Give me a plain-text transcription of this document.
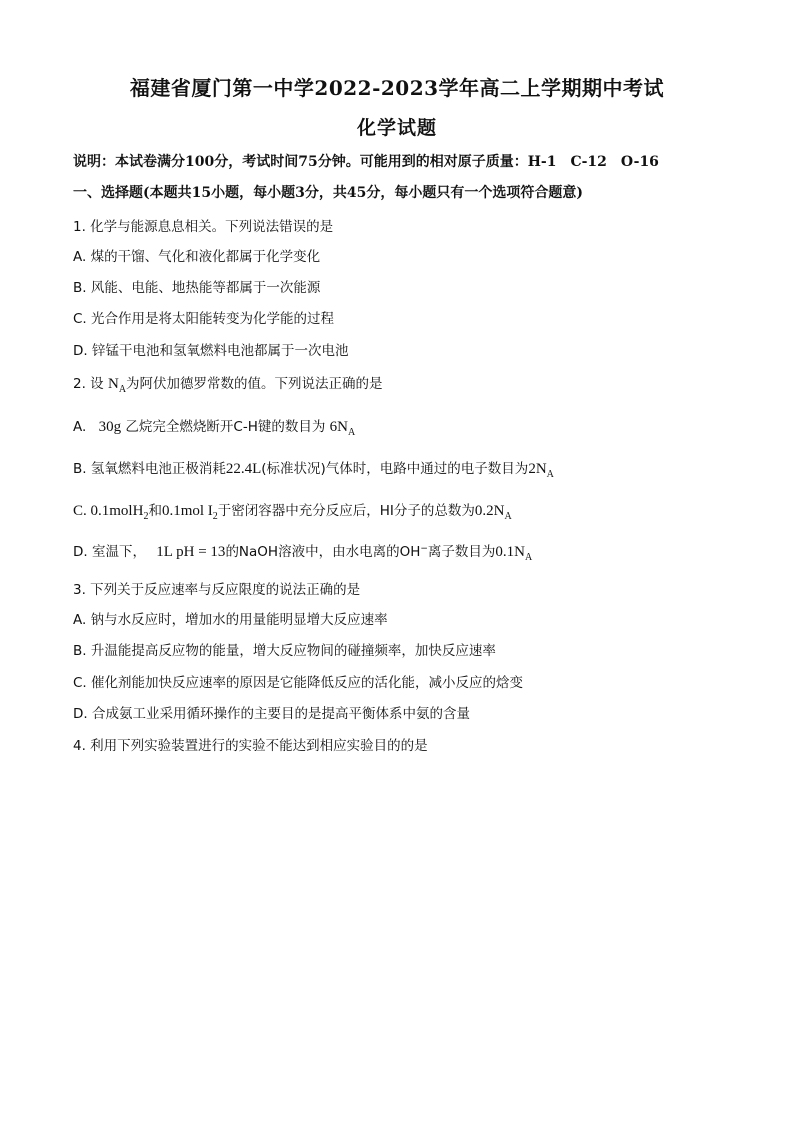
福建省厦门第一中学2022-2023学年高二上学期期中考试
化学试题
说明：本试卷满分100分，考试时间75分钟。可能用到的相对原子质量：H-1　C-12　O-16
一、选择题(本题共15小题，每小题3分，共45分，每小题只有一个选项符合题意)
1. 化学与能源息息相关。下列说法错误的是
A. 煤的干馏、气化和液化都属于化学变化
B. 风能、电能、地热能等都属于一次能源
C. 光合作用是将太阳能转变为化学能的过程
D. 锌锰干电池和氢氧燃料电池都属于一次电池
2. 设 $N_A$为阿伏加德罗常数的值。下列说法正确的是
A. 30g 乙烷完全燃烧断开C-H键的数目为 $6N_A$
B. 氢氧燃料电池正极消耗22.4L(标准状况)气体时，电路中通过的电子数目为$2N_A$
C. 0.1molH$_2$和0.1mol $I_2$于密闭容器中充分反应后，HI分子的总数为$0.2N_A$
D. 室温下， 1L pH = 13的NaOH溶液中，由水电离的OH−离子数目为$0.1N_A$
3. 下列关于反应速率与反应限度的说法正确的是
A. 钠与水反应时，增加水的用量能明显增大反应速率
B. 升温能提高反应物的能量，增大反应物间的碰撞频率，加快反应速率
C. 催化剂能加快反应速率的原因是它能降低反应的活化能，减小反应的焓变
D. 合成氨工业采用循环操作的主要目的是提高平衡体系中氨的含量
4. 利用下列实验装置进行的实验不能达到相应实验目的的是
